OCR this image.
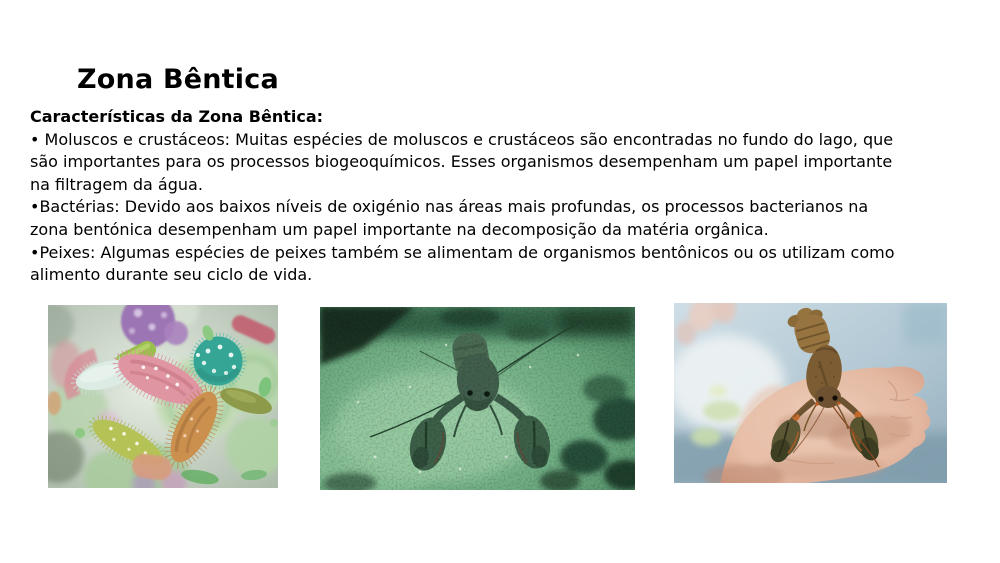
Zona Bêntica
Características da Zona Bêntica:
• Moluscos e crustáceos: Muitas espécies de moluscos e crustáceos são encontradas no fundo do lago, que
são importantes para os processos biogeoquímicos. Esses organismos desempenham um papel importante
na filtragem da água.
•Bactérias: Devido aos baixos níveis de oxigénio nas áreas mais profundas, os processos bacterianos na
zona bentónica desempenham um papel importante na decomposição da matéria orgânica.
•Peixes: Algumas espécies de peixes também se alimentam de organismos bentônicos ou os utilizam como
alimento durante seu ciclo de vida.
